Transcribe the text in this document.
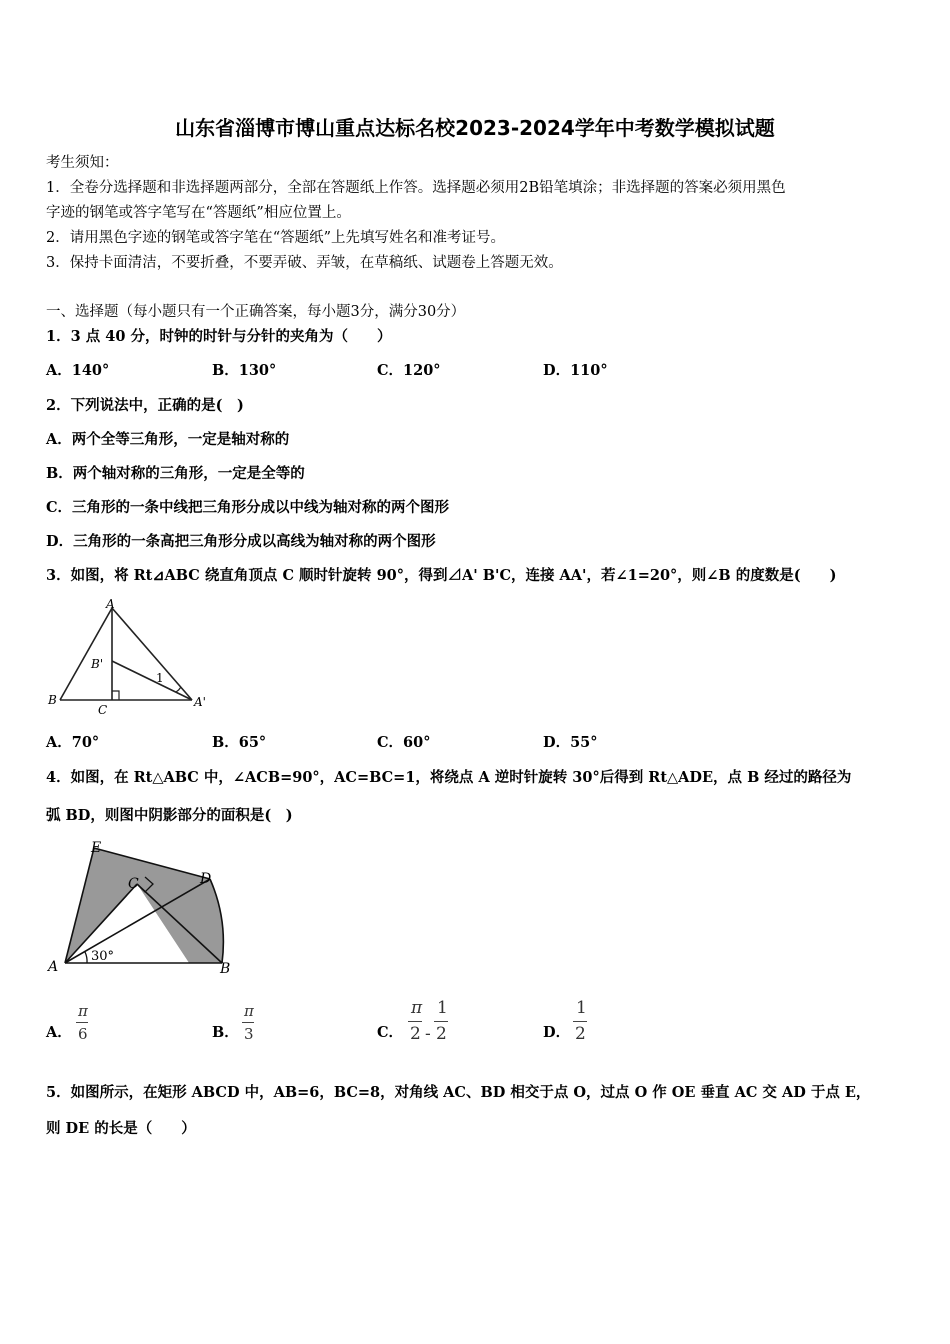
山东省淄博市博山重点达标名校2023-2024学年中考数学模拟试题
考生须知：
1．全卷分选择题和非选择题两部分，全部在答题纸上作答。选择题必须用2B铅笔填涂；非选择题的答案必须用黑色
字迹的钢笔或答字笔写在“答题纸”相应位置上。
2．请用黑色字迹的钢笔或答字笔在“答题纸”上先填写姓名和准考证号。
3．保持卡面清洁，不要折叠，不要弄破、弄皱，在草稿纸、试题卷上答题无效。
一、选择题（每小题只有一个正确答案，每小题3分，满分30分）
1．3 点 40 分，时钟的时针与分针的夹角为（　　）
A．140°	B．130°	C．120°	D．110°
2．下列说法中，正确的是(　)
A．两个全等三角形，一定是轴对称的
B．两个轴对称的三角形，一定是全等的
C．三角形的一条中线把三角形分成以中线为轴对称的两个图形
D．三角形的一条高把三角形分成以高线为轴对称的两个图形
3．如图，将 Rt⊿ABC 绕直角顶点 C 顺时针旋转 90°，得到⊿A' B'C，连接 AA'，若∠1=20°，则∠B 的度数是(　　)
A
B
C
B'
A'
1
A．70°	B．65°	C．60°	D．55°
4．如图，在 Rt△ABC 中，∠ACB=90°，AC=BC=1，将绕点 A 逆时针旋转 30°后得到 Rt△ADE，点 B 经过的路径为
弧 BD，则图中阴影部分的面积是(　)
E
C	D
A	B
30°
A．
π
6	B．
π
3	C．
π
2 -
1
2	D．
1
2
5．如图所示，在矩形 ABCD 中，AB=6，BC=8，对角线 AC、BD 相交于点 O，过点 O 作 OE 垂直 AC 交 AD 于点 E，
则 DE 的长是（　　）
